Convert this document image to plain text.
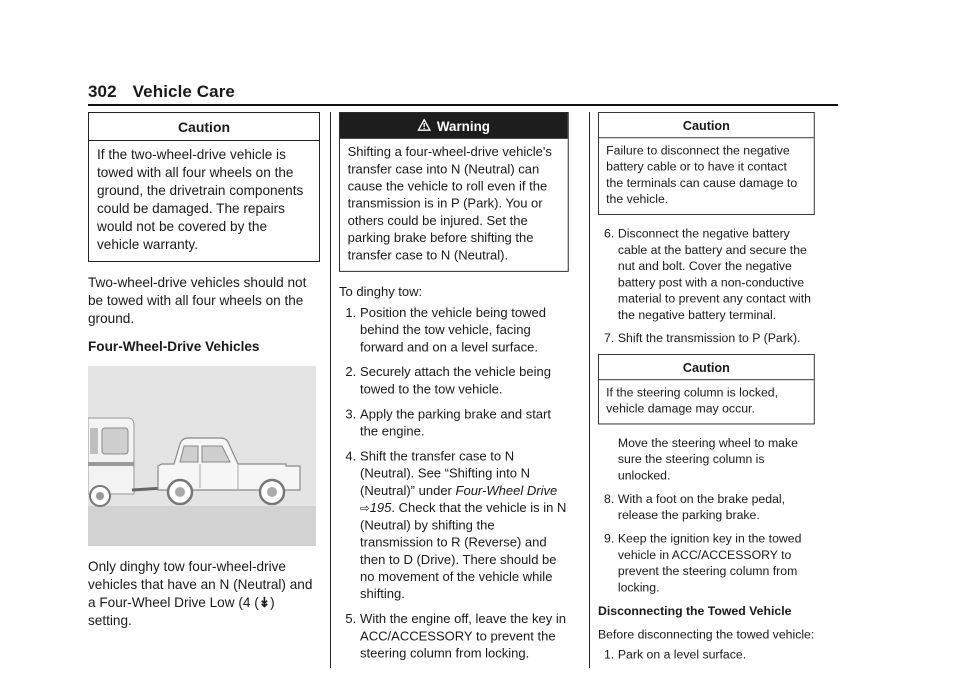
302 Vehicle Care
Caution
If the two-wheel-drive vehicle is towed with all four wheels on the ground, the drivetrain components could be damaged. The repairs would not be covered by the vehicle warranty.

Two-wheel-drive vehicles should not be towed with all four wheels on the ground.

Four-Wheel-Drive Vehicles

Only dinghy tow four-wheel-drive vehicles that have an N (Neutral) and a Four-Wheel Drive Low (4 (↡) setting.

Warning
Shifting a four-wheel-drive vehicle's transfer case into N (Neutral) can cause the vehicle to roll even if the transmission is in P (Park). You or others could be injured. Set the parking brake before shifting the transfer case to N (Neutral).

To dinghy tow:

1. Position the vehicle being towed behind the tow vehicle, facing forward and on a level surface.
2. Securely attach the vehicle being towed to the tow vehicle.
3. Apply the parking brake and start the engine.
4. Shift the transfer case to N (Neutral). See “Shifting into N (Neutral)” under Four-Wheel Drive ⇨195. Check that the vehicle is in N (Neutral) by shifting the transmission to R (Reverse) and then to D (Drive). There should be no movement of the vehicle while shifting.
5. With the engine off, leave the key in ACC/ACCESSORY to prevent the steering column from locking.
Caution
Failure to disconnect the negative battery cable or to have it contact the terminals can cause damage to the vehicle.
6. Disconnect the negative battery cable at the battery and secure the nut and bolt. Cover the negative battery post with a non-conductive material to prevent any contact with the negative battery terminal.
7. Shift the transmission to P (Park).
Caution
If the steering column is locked, vehicle damage may occur.

Move the steering wheel to make sure the steering column is unlocked.

8. With a foot on the brake pedal, release the parking brake.
9. Keep the ignition key in the towed vehicle in ACC/ACCESSORY to prevent the steering column from locking.
Disconnecting the Towed Vehicle

Before disconnecting the towed vehicle:

1. Park on a level surface.
